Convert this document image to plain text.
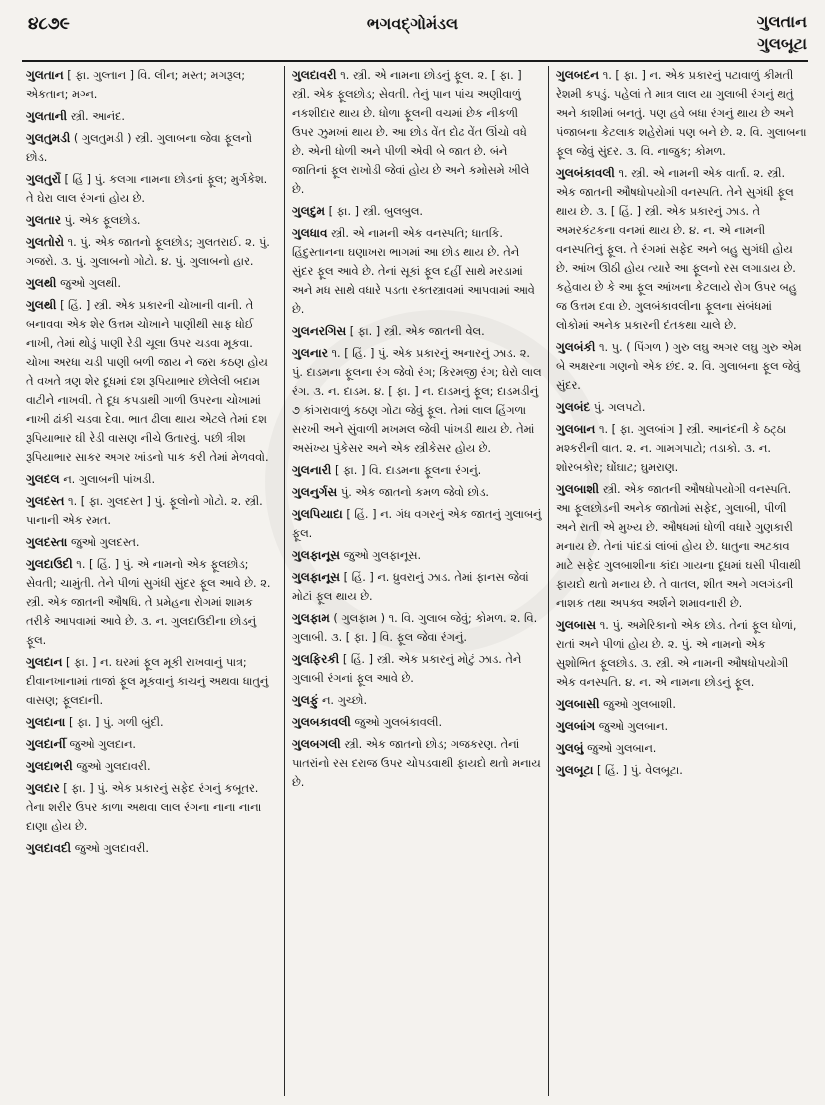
૪૮૭૯	ભગવદ્ગોમંડલ	ગુલતાન
ગુલબૂટા
ગુલતાન [ ફા. ગુલ્તાન ] વિ. લીન; મસ્ત; મગરૂલ; એકતાન; મગ્ન.
ગુલતાની સ્ત્રી. આનંદ.
ગુલતુમડી ( ગુલતુમડી ) સ્ત્રી. ગુલાબના જેવા ફૂલનો છોડ.
ગુલતુર્રો [ હિં ] પું. કલગા નામના છોડનાં ફૂલ; મુર્ગકેશ. તે ઘેરા લાલ રંગનાં હોય છે.
ગુલતાર પું. એક ફૂલછોડ.
ગુલતોરો ૧. પું. એક જાતનો ફૂલછોડ; ગુલતરાઈ. ૨. પું. ગજરો. ૩. પું. ગુલાબનો ગોટો. ૪. પું. ગુલાબનો હાર.
ગુલથી જુઓ ગુલથી.
ગુલથી [ હિં. ] સ્ત્રી. એક પ્રકારની ચોખાની વાની. તે બનાવવા એક શેર ઉત્તમ ચોખાને પાણીથી સાફ ધોઈ નાખી, તેમાં થોડું પાણી રેડી ચૂલા ઉપર ચડવા મૂકવા. ચોખા અરધા ચડી પાણી બળી જાય ને જરા કઠણ હોય તે વખતે ત્રણ શેર દૂધમાં દશ રૂપિયાભાર છોલેલી બદામ વાટીને નાખવી. તે દૂધ કપડાથી ગાળી ઉપરના ચોખામાં નાખી ઢાંકી ચડવા દેવા. ભાત ઢીલા થાય એટલે તેમાં દશ રૂપિયાભાર ઘી રેડી વાસણ નીચે ઉતારવું. પછી ત્રીશ રૂપિયાભાર સાકર અગર ખાંડનો પાક કરી તેમાં મેળવવો.
ગુલદલ ન. ગુલાબની પાંખડી.
ગુલદસ્ત ૧. [ ફા. ગુલદસ્ત ] પું. ફૂલોનો ગોટો. ૨. સ્ત્રી. પાનાની એક રમત.
ગુલદસ્તા જુઓ ગુલદસ્ત.
ગુલદાઉદી ૧. [ હિં. ] પું. એ નામનો એક ફૂલછોડ; સેવતી; ચામુંતી. તેને પીળાં સુગંધી સુંદર ફૂલ આવે છે. ૨. સ્ત્રી. એક જાતની ઔષધિ. તે પ્રમેહના રોગમાં શામક તરીકે આપવામાં આવે છે. ૩. ન. ગુલદાઉદીના છોડનું ફૂલ.
ગુલદાન [ ફા. ] ન. ઘરમાં ફૂલ મૂકી રાખવાનું પાત્ર; દીવાનખાનામાં તાજાં ફૂલ મૂકવાનું કાચનું અથવા ધાતુનું વાસણ; ફૂલદાની.
ગુલદાના [ ફા. ] પું. ગળી બુંદી.
ગુલદાર્ની જુઓ ગુલદાન.
ગુલદાભરી જુઓ ગુલદાવરી.
ગુલદાર [ ફા. ] પું. એક પ્રકારનું સફેદ રંગનું કબૂતર. તેના શરીર ઉપર કાળા અથવા લાલ રંગના નાના નાના દાણા હોય છે.
ગુલદાવદી જુઓ ગુલદાવરી.
ગુલદાવરી ૧. સ્ત્રી. એ નામના છોડનું ફૂલ. ૨. [ ફા. ] સ્ત્રી. એક ફૂલછોડ; સેવતી. તેનું પાન પાંચ અણીવાળું નકશીદાર થાય છે. ધોળા ફૂલની વચમાં છેક નીકળી ઉપર ઝુમખાં થાય છે. આ છોડ વેંત દોઢ વેંત ઊંચો વધે છે. એની ધોળી અને પીળી એવી બે જાત છે. બંને જાતિનાં ફૂલ રાખોડી જેવાં હોય છે અને કમોસમે ખીલે છે.
ગુલદુમ [ ફા. ] સ્ત્રી. બુલબુલ.
ગુલધાવ સ્ત્રી. એ નામની એક વનસ્પતિ; ધાતકિ. હિંદુસ્તાનના ઘણાખરા ભાગમાં આ છોડ થાય છે. તેને સુંદર ફૂલ આવે છે. તેનાં સૂકાં ફૂલ દહીં સાથે મરડામાં અને મધ સાથે વધારે પડતા રક્તસ્ત્રાવમાં આપવામાં આવે છે.
ગુલનરગિસ [ ફા. ] સ્ત્રી. એક જાતની વેલ.
ગુલનાર ૧. [ હિં. ] પું. એક પ્રકારનું અનારનું ઝાડ. ૨. પું. દાડમના ફૂલના રંગ જેવો રંગ; કિરમજી રંગ; ઘેરો લાલ રંગ. ૩. ન. દાડમ. ૪. [ ફા. ] ન. દાડમનું ફૂલ; દાડમડીનું ૭ કાંગરાવાળું કઠણ ગોટા જેવું ફૂલ. તેમાં લાલ હિંગળા સરખી અને સુંવાળી મખમલ જેવી પાંખડી થાય છે. તેમાં અસંખ્ય પુંકેસર અને એક સ્ત્રીકેસર હોય છે.
ગુલનારી [ ફા. ] વિ. દાડમના ફૂલના રંગનું.
ગુલનુર્ગસ પું. એક જાતનો કમળ જેવો છોડ.
ગુલપિયાદા [ હિં. ] ન. ગંધ વગરનું એક જાતનું ગુલાબનું ફૂલ.
ગુલફાનૂસ જુઓ ગુલફાનૂસ.
ગુલફાનૂસ [ હિં. ] ન. ધ્રુવરાનું ઝાડ. તેમાં ફાનસ જેવાં મોટાં ફૂલ થાય છે.
ગુલફામ ( ગુલફામ ) ૧. વિ. ગુલાબ જેવું; કોમળ. ૨. વિ. ગુલાબી. ૩. [ ફા. ] વિ. ફૂલ જેવા રંગનું.
ગુલફિરકી [ હિં. ] સ્ત્રી. એક પ્રકારનું મોટું ઝાડ. તેને ગુલાબી રંગનાં ફૂલ આવે છે.
ગુલફું ન. ગુચ્છો.
ગુલબકાવલી જુઓ ગુલબંકાવલી.
ગુલબગલી સ્ત્રી. એક જાતનો છોડ; ગજકરણ. તેનાં પાતરાંનો રસ દરાજ ઉપર ચોપડવાથી ફાયદો થતો મનાય છે.
ગુલબદન ૧. [ ફા. ] ન. એક પ્રકારનું પટાવાળું કીમતી રેશમી કપડું. પહેલાં તે માત્ર લાલ યા ગુલાબી રંગનું થતું અને કાશીમાં બનતું. પણ હવે બધા રંગનું થાય છે અને પંજાબના કેટલાક શહેરોમાં પણ બને છે. ૨. વિ. ગુલાબના ફૂલ જેવું સુંદર. ૩. વિ. નાજુક; કોમળ.
ગુલબંકાવલી ૧. સ્ત્રી. એ નામની એક વાર્તા. ૨. સ્ત્રી. એક જાતની ઔષધોપયોગી વનસ્પતિ. તેને સુગંધી ફૂલ થાય છે. ૩. [ હિં. ] સ્ત્રી. એક પ્રકારનું ઝાડ. તે અમરકંટકના વનમાં થાય છે. ૪. ન. એ નામની વનસ્પતિનું ફૂલ. તે રંગમાં સફેદ અને બહુ સુગંધી હોય છે. આંખ ઊઠી હોય ત્યારે આ ફૂલનો રસ લગાડાય છે. કહેવાય છે કે આ ફૂલ આંખના કેટલાયે રોગ ઉપર બહુ જ ઉત્તમ દવા છે. ગુલબંકાવલીના ફૂલના સંબંધમાં લોકોમાં અનેક પ્રકારની દંતકથા ચાલે છે.
ગુલબંકી ૧. પુ. ( પિંગળ ) ગુરુ લઘુ અગર લઘુ ગુરુ એમ બે અક્ષરના ગણનો એક છંદ. ૨. વિ. ગુલાબના ફૂલ જેવું સુંદર.
ગુલબંદ પું. ગલપટો.
ગુલબાન ૧. [ ફા. ગુલબાંગ ] સ્ત્રી. આનંદની કે ઠટ્ઠા મશ્કરીની વાત. ૨. ન. ગામગપાટો; તડાકો. ૩. ન. શોરબકોર; ઘોંઘાટ; ઘુમરાણ.
ગુલબાશી સ્ત્રી. એક જાતની ઔષધોપયોગી વનસ્પતિ. આ ફૂલછોડની અનેક જાતોમાં સફેદ, ગુલાબી, પીળી અને રાતી એ મુખ્ય છે. ઔષધમાં ધોળી વધારે ગુણકારી મનાય છે. તેનાં પાંદડાં લાંબાં હોય છે. ધાતુના અટકાવ માટે સફેદ ગુલબાશીના કાંદા ગાયના દૂધમાં ઘસી પીવાથી ફાયદો થતો મનાય છે. તે વાતલ, શીત અને ગલગંડની નાશક તથા અપક્વ અર્શને શમાવનારી છે.
ગુલબાસ ૧. પું. અમેરિકાનો એક છોડ. તેનાં ફૂલ ધોળાં, રાતાં અને પીળાં હોય છે. ૨. પું. એ નામનો એક સુશોભિત ફૂલછોડ. ૩. સ્ત્રી. એ નામની ઔષધોપયોગી એક વનસ્પતિ. ૪. ન. એ નામના છોડનું ફૂલ.
ગુલબાસી જુઓ ગુલબાશી.
ગુલબાંગ જુઓ ગુલબાન.
ગુલબું જુઓ ગુલબાન.
ગુલબૂટા [ હિં. ] પું. વેલબૂટા.
